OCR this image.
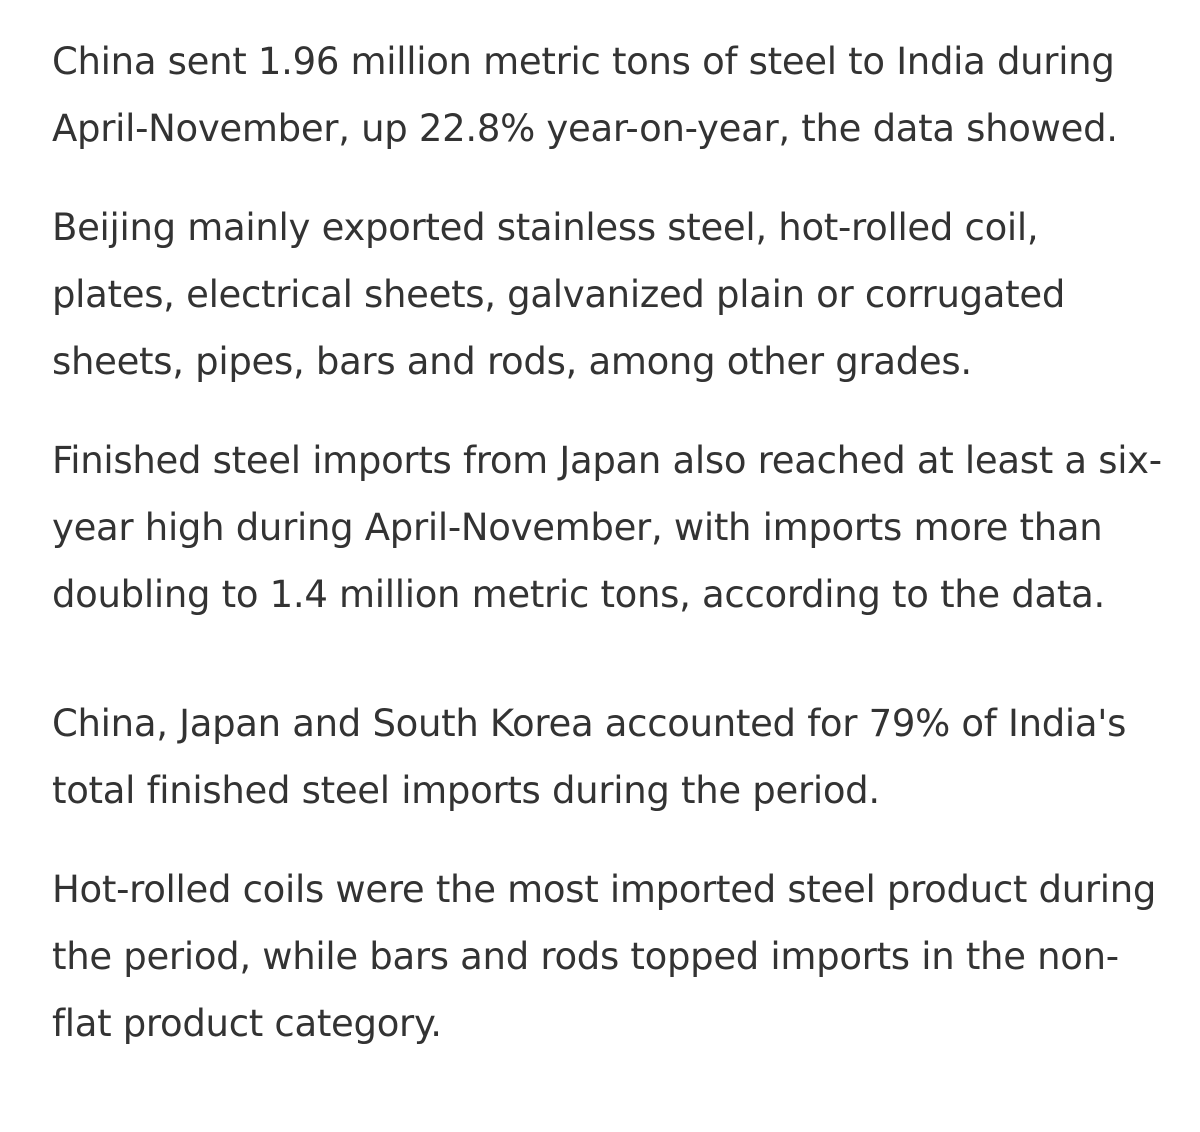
China sent 1.96 million metric tons of steel to India during April-November, up 22.8% year-on-year, the data showed.

Beijing mainly exported stainless steel, hot-rolled coil, plates, electrical sheets, galvanized plain or corrugated sheets, pipes, bars and rods, among other grades.

Finished steel imports from Japan also reached at least a six-year high during April-November, with imports more than doubling to 1.4 million metric tons, according to the data.

China, Japan and South Korea accounted for 79% of India's total finished steel imports during the period.

Hot-rolled coils were the most imported steel product during the period, while bars and rods topped imports in the non-flat product category.
